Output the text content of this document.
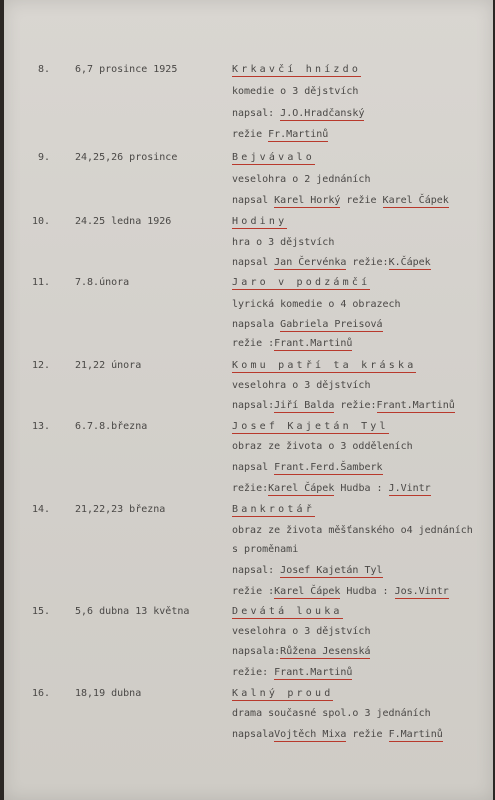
8.	6,7 prosince 1925	Krkavčí hnízdo
komedie o 3 dějstvích
napsal: J.O.Hradčanský
režie Fr.Martinů
9.	24,25,26 prosince	Bejvávalo
veselohra o 2 jednáních
napsal Karel Horký režie Karel Čápek
10.	24.25 ledna 1926	Hodiny
hra o 3 dějstvích
napsal Jan Červénka režie:K.Čápek
11.	7.8.února	Jaro v podzámčí
lyrická komedie o 4 obrazech
napsala Gabriela Preisová
režie :Frant.Martinů
12.	21,22 února	Komu patří ta kráska
veselohra o 3 dějstvích
napsal:Jiří Balda režie:Frant.Martinů
13.	6.7.8.března	Josef Kajetán Tyl
obraz ze života o 3 odděleních
napsal Frant.Ferd.Šamberk
režie:Karel Čápek Hudba : J.Vintr
14.	21,22,23 března	Bankrotář
obraz ze života měšťanského o4 jednáních
s proměnami
napsal: Josef Kajetán Tyl
režie :Karel Čápek Hudba : Jos.Vintr
15.	5,6 dubna 13 května	Devátá louka
veselohra o 3 dějstvích
napsala:Růžena Jesenská
režie: Frant.Martinů
16.	18,19 dubna	Kalný proud
drama současné spol.o 3 jednáních
napsalaVojtěch Mixa režie F.Martinů
